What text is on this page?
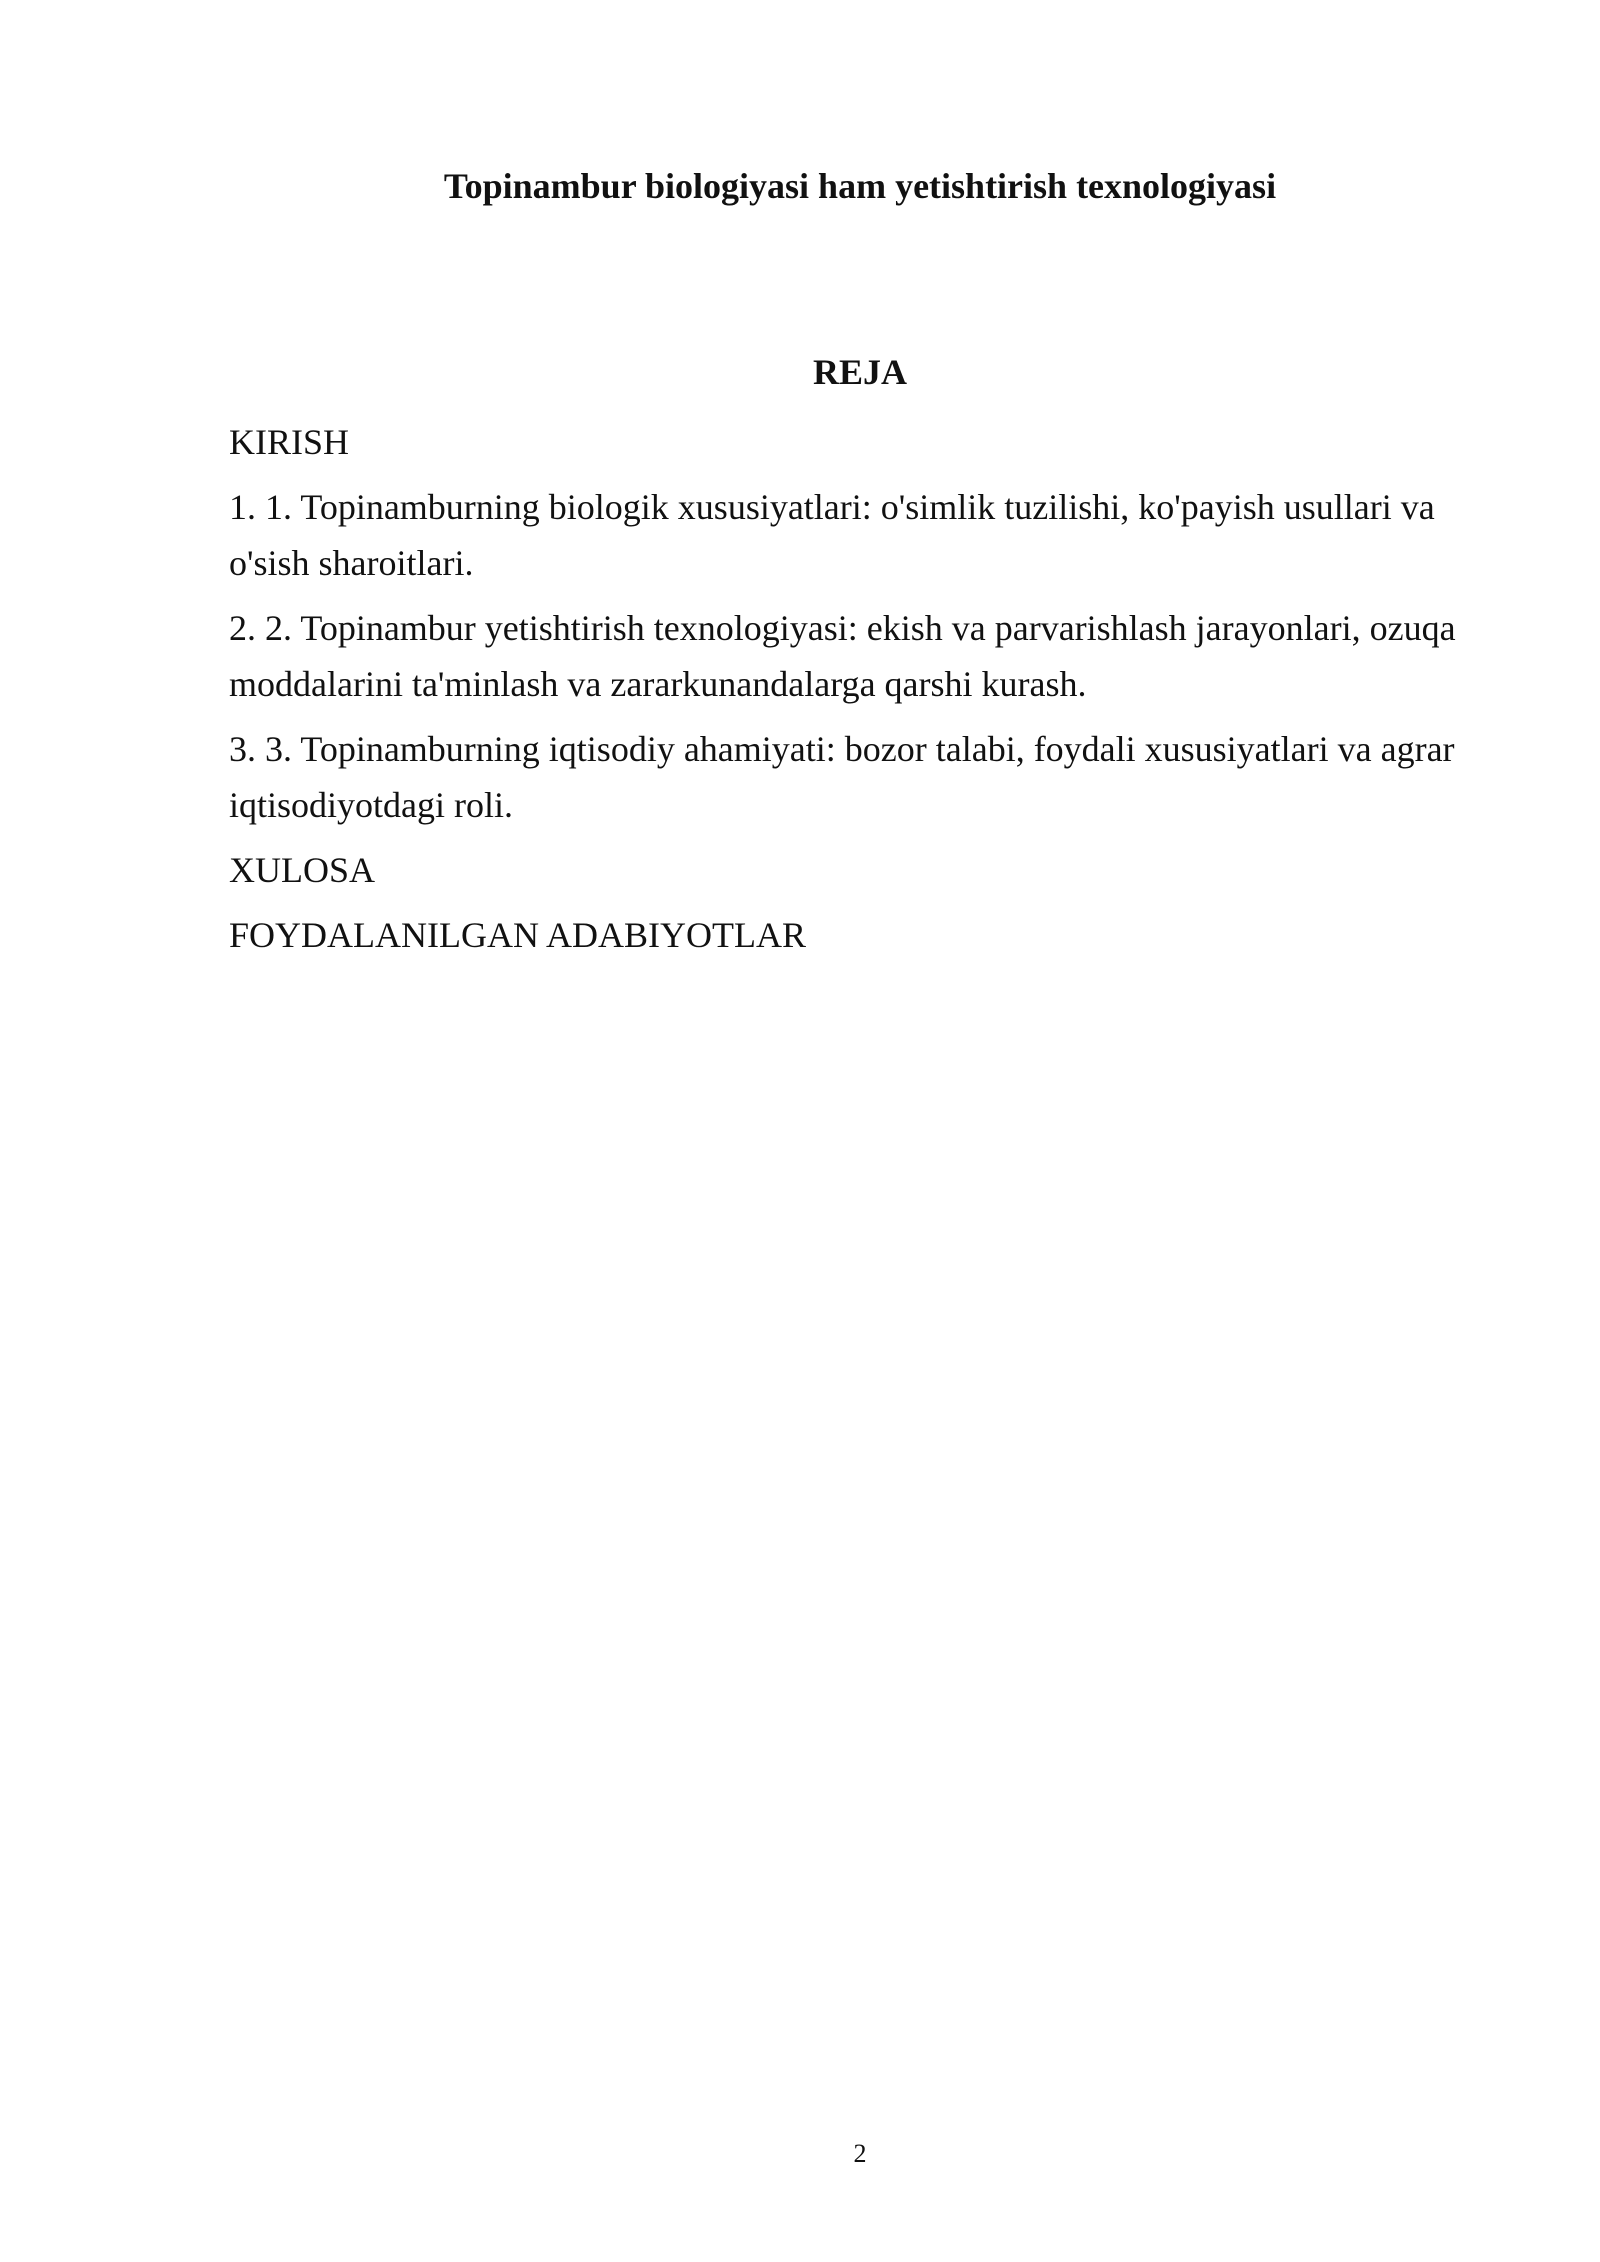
Topinambur biologiyasi ham yetishtirish texnologiyasi
REJA
KIRISH
1. 1. Topinamburning biologik xususiyatlari: o'simlik tuzilishi, ko'payish usullari va o'sish sharoitlari.
2. 2. Topinambur yetishtirish texnologiyasi: ekish va parvarishlash jarayonlari, ozuqa moddalarini ta'minlash va zararkunandalarga qarshi kurash.
3. 3. Topinamburning iqtisodiy ahamiyati: bozor talabi, foydali xususiyatlari va agrar iqtisodiyotdagi roli.
XULOSA
FOYDALANILGAN ADABIYOTLAR
2
